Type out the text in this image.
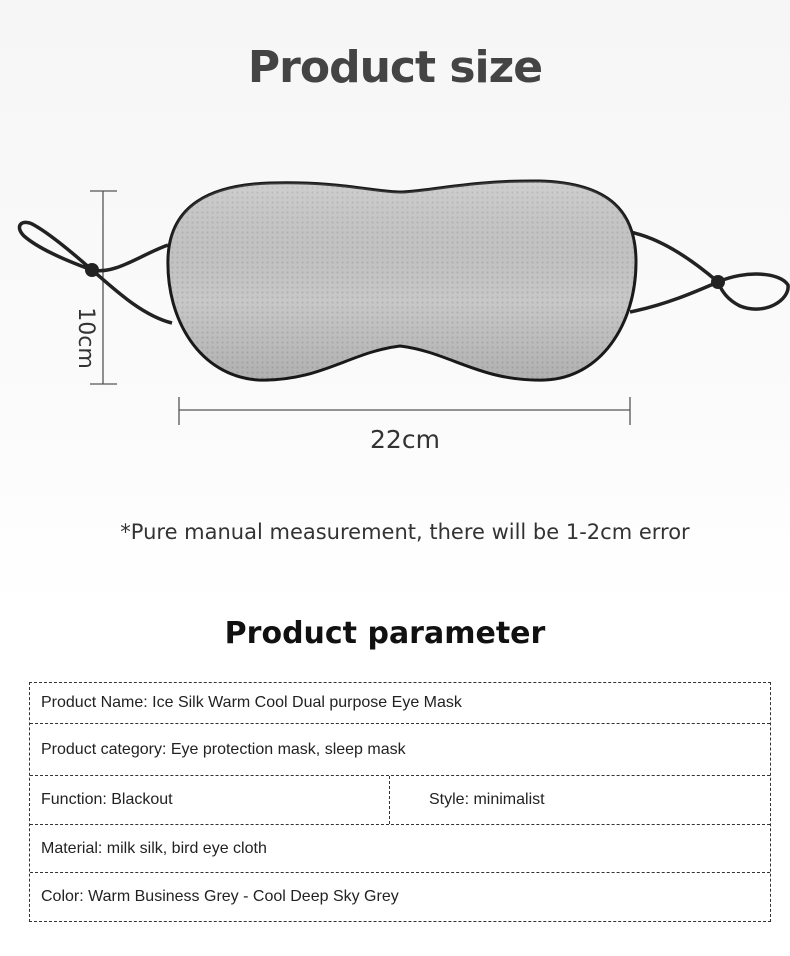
Product size
10cm
22cm
*Pure manual measurement, there will be 1-2cm error
Product parameter
Product Name: Ice Silk Warm Cool Dual purpose Eye Mask
Product category: Eye protection mask, sleep mask
Function: Blackout	Style: minimalist
Material: milk silk, bird eye cloth
Color: Warm Business Grey - Cool Deep Sky Grey
